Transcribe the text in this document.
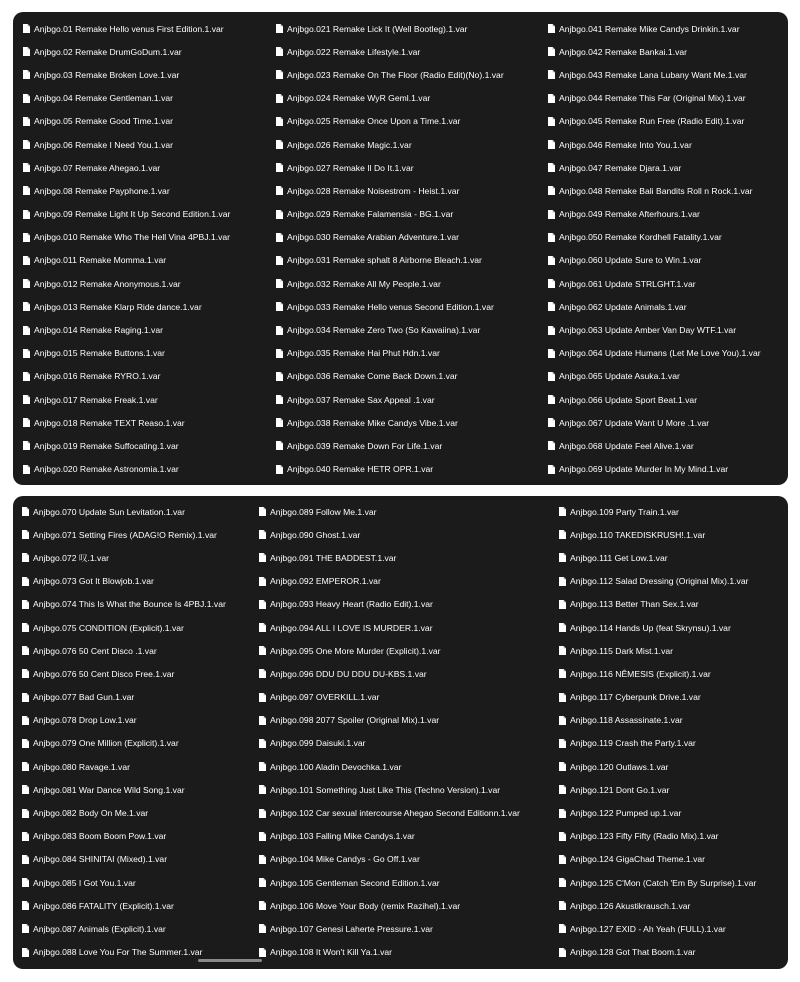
Anjbgo.01 Remake Hello venus First Edition.1.var
Anjbgo.02 Remake DrumGoDum.1.var
Anjbgo.03 Remake Broken Love.1.var
Anjbgo.04 Remake Gentleman.1.var
Anjbgo.05 Remake Good Time.1.var
Anjbgo.06 Remake I Need You.1.var
Anjbgo.07 Remake Ahegao.1.var
Anjbgo.08 Remake Payphone.1.var
Anjbgo.09 Remake Light It Up Second Edition.1.var
Anjbgo.010 Remake Who The Hell Vina 4PBJ.1.var
Anjbgo.011 Remake Momma.1.var
Anjbgo.012 Remake Anonymous.1.var
Anjbgo.013 Remake Klarp Ride dance.1.var
Anjbgo.014 Remake Raging.1.var
Anjbgo.015 Remake Buttons.1.var
Anjbgo.016 Remake RYRO.1.var
Anjbgo.017 Remake Freak.1.var
Anjbgo.018 Remake TEXT Reaso.1.var
Anjbgo.019 Remake Suffocating.1.var
Anjbgo.020 Remake Astronomia.1.var
Anjbgo.021 Remake Lick It (Well Bootleg).1.var
Anjbgo.022 Remake Lifestyle.1.var
Anjbgo.023 Remake On The Floor (Radio Edit)(No).1.var
Anjbgo.024 Remake WyR Geml.1.var
Anjbgo.025 Remake Once Upon a Time.1.var
Anjbgo.026 Remake Magic.1.var
Anjbgo.027 Remake Il Do It.1.var
Anjbgo.028 Remake Noisestrom - Heist.1.var
Anjbgo.029 Remake Falamensia - BG.1.var
Anjbgo.030 Remake Arabian Adventure.1.var
Anjbgo.031 Remake sphalt 8 Airborne Bleach.1.var
Anjbgo.032 Remake All My People.1.var
Anjbgo.033 Remake Hello venus Second Edition.1.var
Anjbgo.034 Remake Zero Two (So Kawaiina).1.var
Anjbgo.035 Remake Hai Phut Hdn.1.var
Anjbgo.036 Remake Come Back Down.1.var
Anjbgo.037 Remake Sax Appeal .1.var
Anjbgo.038 Remake Mike Candys Vibe.1.var
Anjbgo.039 Remake Down For Life.1.var
Anjbgo.040 Remake HETR OPR.1.var
Anjbgo.041 Remake Mike Candys Drinkin.1.var
Anjbgo.042 Remake Bankai.1.var
Anjbgo.043 Remake Lana Lubany Want Me.1.var
Anjbgo.044 Remake This Far (Original Mix).1.var
Anjbgo.045 Remake Run Free (Radio Edit).1.var
Anjbgo.046 Remake Into You.1.var
Anjbgo.047 Remake Djara.1.var
Anjbgo.048 Remake Bali Bandits Roll n Rock.1.var
Anjbgo.049 Remake Afterhours.1.var
Anjbgo.050 Remake Kordhell Fatality.1.var
Anjbgo.060 Update Sure to Win.1.var
Anjbgo.061 Update STRLGHT.1.var
Anjbgo.062 Update Animals.1.var
Anjbgo.063 Update Amber Van Day WTF.1.var
Anjbgo.064 Update Humans (Let Me Love You).1.var
Anjbgo.065 Update Asuka.1.var
Anjbgo.066 Update Sport Beat.1.var
Anjbgo.067 Update Want U More .1.var
Anjbgo.068 Update Feel Alive.1.var
Anjbgo.069 Update Murder In My Mind.1.var
Anjbgo.070 Update Sun Levitation.1.var
Anjbgo.071 Setting Fires (ADAG!O Remix).1.var
Anjbgo.072 叹.1.var
Anjbgo.073 Got It Blowjob.1.var
Anjbgo.074 This Is What the Bounce Is 4PBJ.1.var
Anjbgo.075 CONDITION (Explicit).1.var
Anjbgo.076 50 Cent Disco .1.var
Anjbgo.076 50 Cent Disco Free.1.var
Anjbgo.077 Bad Gun.1.var
Anjbgo.078 Drop Low.1.var
Anjbgo.079 One Million (Explicit).1.var
Anjbgo.080 Ravage.1.var
Anjbgo.081 War Dance Wild Song.1.var
Anjbgo.082 Body On Me.1.var
Anjbgo.083 Boom Boom Pow.1.var
Anjbgo.084 SHINITAI (Mixed).1.var
Anjbgo.085 I Got You.1.var
Anjbgo.086 FATALITY (Explicit).1.var
Anjbgo.087 Animals (Explicit).1.var
Anjbgo.088 Love You For The Summer.1.var
Anjbgo.089 Follow Me.1.var
Anjbgo.090 Ghost.1.var
Anjbgo.091 THE BADDEST.1.var
Anjbgo.092 EMPEROR.1.var
Anjbgo.093 Heavy Heart (Radio Edit).1.var
Anjbgo.094 ALL I LOVE IS MURDER.1.var
Anjbgo.095 One More Murder (Explicit).1.var
Anjbgo.096 DDU DU DDU DU-KBS.1.var
Anjbgo.097 OVERKILL.1.var
Anjbgo.098 2077 Spoiler (Original Mix).1.var
Anjbgo.099 Daisuki.1.var
Anjbgo.100 Aladin Devochka.1.var
Anjbgo.101 Something Just Like This (Techno Version).1.var
Anjbgo.102 Car sexual intercourse Ahegao Second Editionn.1.var
Anjbgo.103 Falling Mike Candys.1.var
Anjbgo.104 Mike Candys - Go Off.1.var
Anjbgo.105 Gentleman Second Edition.1.var
Anjbgo.106 Move Your Body (remix Razihel).1.var
Anjbgo.107 Genesi Laherte Pressure.1.var
Anjbgo.108 It Won't Kill Ya.1.var
Anjbgo.109 Party Train.1.var
Anjbgo.110 TAKEDISKRUSH!.1.var
Anjbgo.111 Get Low.1.var
Anjbgo.112 Salad Dressing (Original Mix).1.var
Anjbgo.113 Better Than Sex.1.var
Anjbgo.114 Hands Up (feat Skrynsu).1.var
Anjbgo.115 Dark Mist.1.var
Anjbgo.116 NÊMESIS (Explicit).1.var
Anjbgo.117 Cyberpunk Drive.1.var
Anjbgo.118 Assassinate.1.var
Anjbgo.119 Crash the Party.1.var
Anjbgo.120 Outlaws.1.var
Anjbgo.121 Dont Go.1.var
Anjbgo.122 Pumped up.1.var
Anjbgo.123 Fifty Fifty (Radio Mix).1.var
Anjbgo.124 GigaChad Theme.1.var
Anjbgo.125 C'Mon (Catch 'Em By Surprise).1.var
Anjbgo.126 Akustikrausch.1.var
Anjbgo.127 EXID - Ah Yeah (FULL).1.var
Anjbgo.128 Got That Boom.1.var
